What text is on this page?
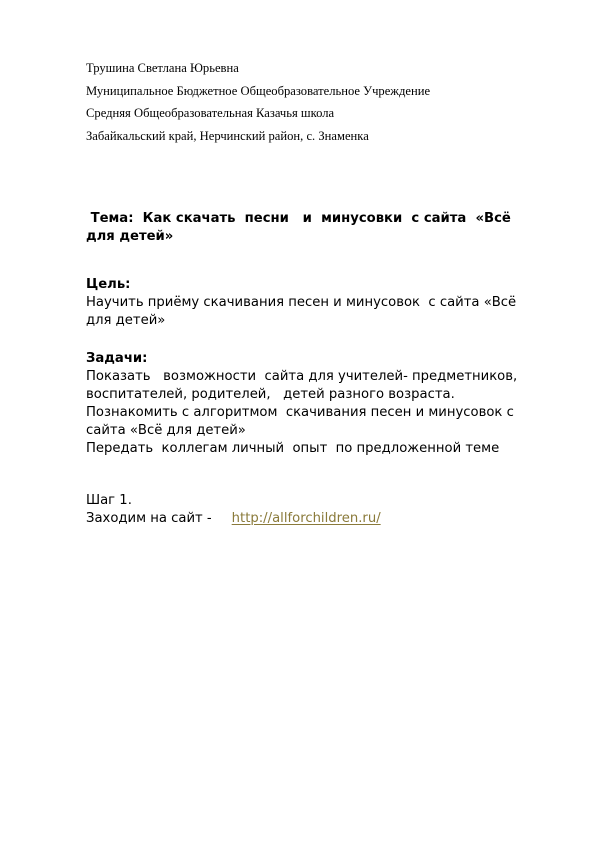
Трушина Светлана Юрьевна
Муниципальное Бюджетное Общеобразовательное Учреждение
Средняя Общеобразовательная Казачья школа
Забайкальский край, Нерчинский район, с. Знаменка
Тема:  Как скачать  песни   и  минусовки  с сайта  «Всё
для детей»
Цель:
Научить приёму скачивания песен и минусовок  с сайта «Всё
для детей»
Задачи:
Показать   возможности  сайта для учителей- предметников,
воспитателей, родителей,   детей разного возраста.
Познакомить с алгоритмом  скачивания песен и минусовок с
сайта «Всё для детей»
Передать  коллегам личный  опыт  по предложенной теме
Шаг 1.
Заходим на сайт - http://allforchildren.ru/
